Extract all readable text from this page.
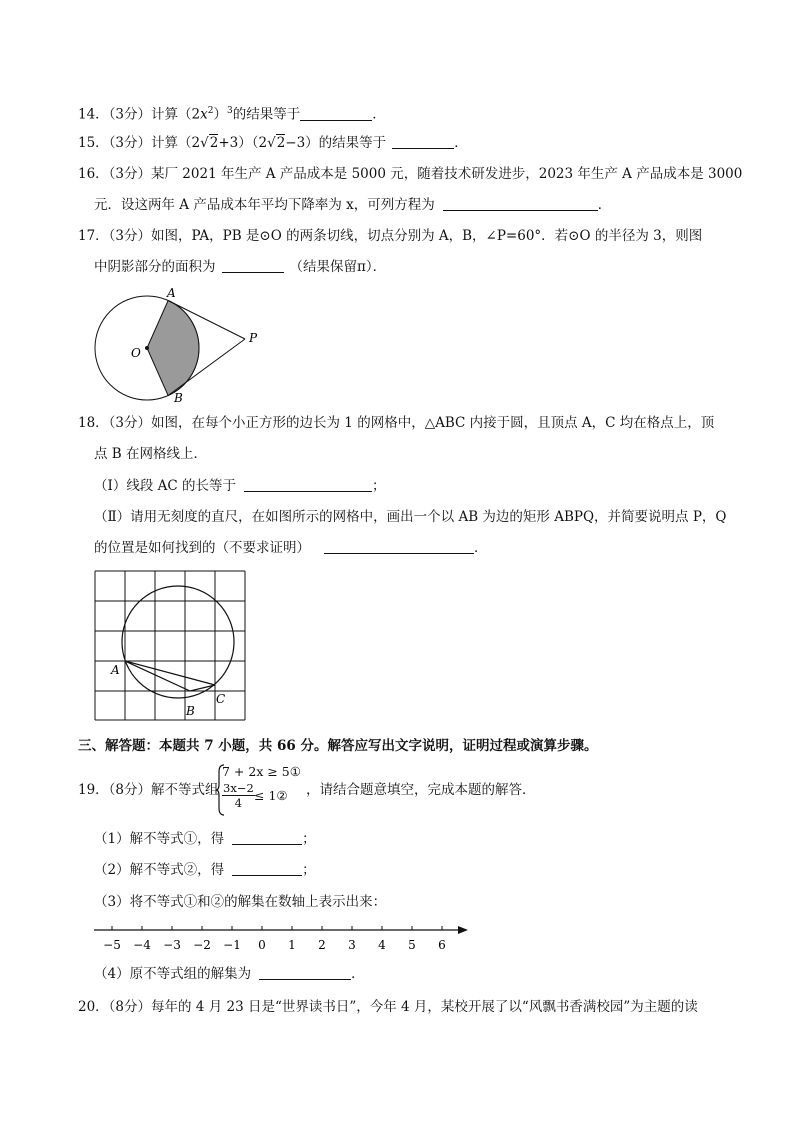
14．（3分）计算$(2x^2)^3$的结果等于	．
15．（3分）计算（2√2+3）（2√2−3）的结果等于	．
16．（3分）某厂 2021 年生产 A 产品成本是 5000 元，随着技术研发进步，2023 年生产 A 产品成本是 3000
元．设这两年 A 产品成本年平均下降率为 x，可列方程为	．
17．（3分）如图，PA，PB 是⊙O 的两条切线，切点分别为 A，B，∠P=60°．若⊙O 的半径为 3，则图
中阴影部分的面积为	（结果保留π）．
A
B
O
P
18．（3分）如图，在每个小正方形的边长为 1 的网格中，△ABC 内接于圆，且顶点 A，C 均在格点上，顶
点 B 在网格线上．
（Ⅰ）线段 AC 的长等于	；
（Ⅱ）请用无刻度的直尺，在如图所示的网格中，画出一个以 AB 为边的矩形 ABPQ，并简要说明点 P，Q
的位置是如何找到的（不要求证明）	．
A
B
C
三、解答题：本题共 7 小题，共 66 分。解答应写出文字说明，证明过程或演算步骤。
19．（8分）解不等式组
7 + 2x ≥ 5①
$\frac{3x-2}{4}$ ≤ 1② ，请结合题意填空，完成本题的解答．
（1）解不等式①，得	；
（2）解不等式②，得	；
（3）将不等式①和②的解集在数轴上表示出来：
−5 −4 −3 −2 −1 0 1 2 3 4 5 6
（4）原不等式组的解集为	．
20．（8分）每年的 4 月 23 日是“世界读书日”，今年 4 月，某校开展了以“风飘书香满校园”为主题的读
